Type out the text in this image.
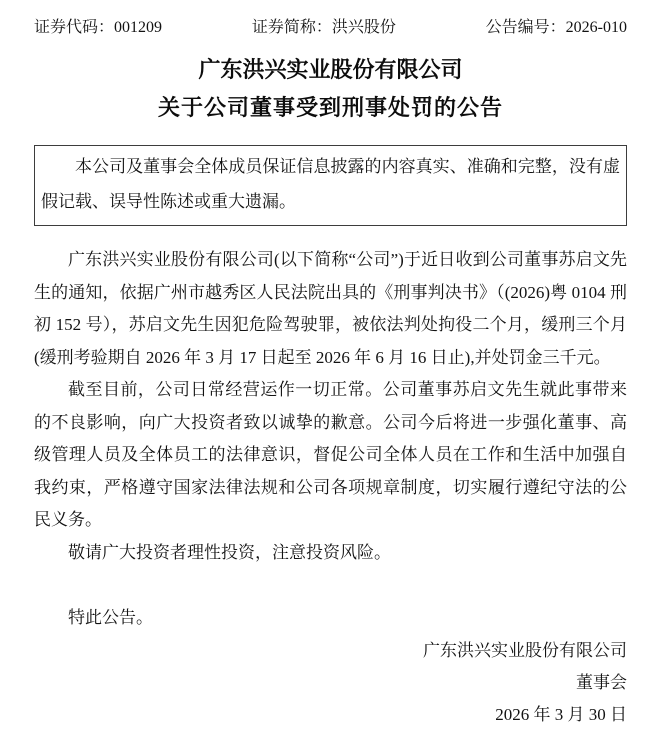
证券代码：001209	证券简称：洪兴股份	公告编号：2026-010
广东洪兴实业股份有限公司
关于公司董事受到刑事处罚的公告

本公司及董事会全体成员保证信息披露的内容真实、准确和完整，没有虚假记载、误导性陈述或重大遗漏。

广东洪兴实业股份有限公司(以下简称“公司”)于近日收到公司董事苏启文先生的通知，依据广州市越秀区人民法院出具的《刑事判决书》（(2026)粤 0104 刑初 152 号），苏启文先生因犯危险驾驶罪，被依法判处拘役二个月，缓刑三个月(缓刑考验期自 2026 年 3 月 17 日起至 2026 年 6 月 16 日止),并处罚金三千元。

截至目前，公司日常经营运作一切正常。公司董事苏启文先生就此事带来的不良影响，向广大投资者致以诚挚的歉意。公司今后将进一步强化董事、高级管理人员及全体员工的法律意识，督促公司全体人员在工作和生活中加强自我约束，严格遵守国家法律法规和公司各项规章制度，切实履行遵纪守法的公民义务。

敬请广大投资者理性投资，注意投资风险。

特此公告。

广东洪兴实业股份有限公司
董事会
2026 年 3 月 30 日
